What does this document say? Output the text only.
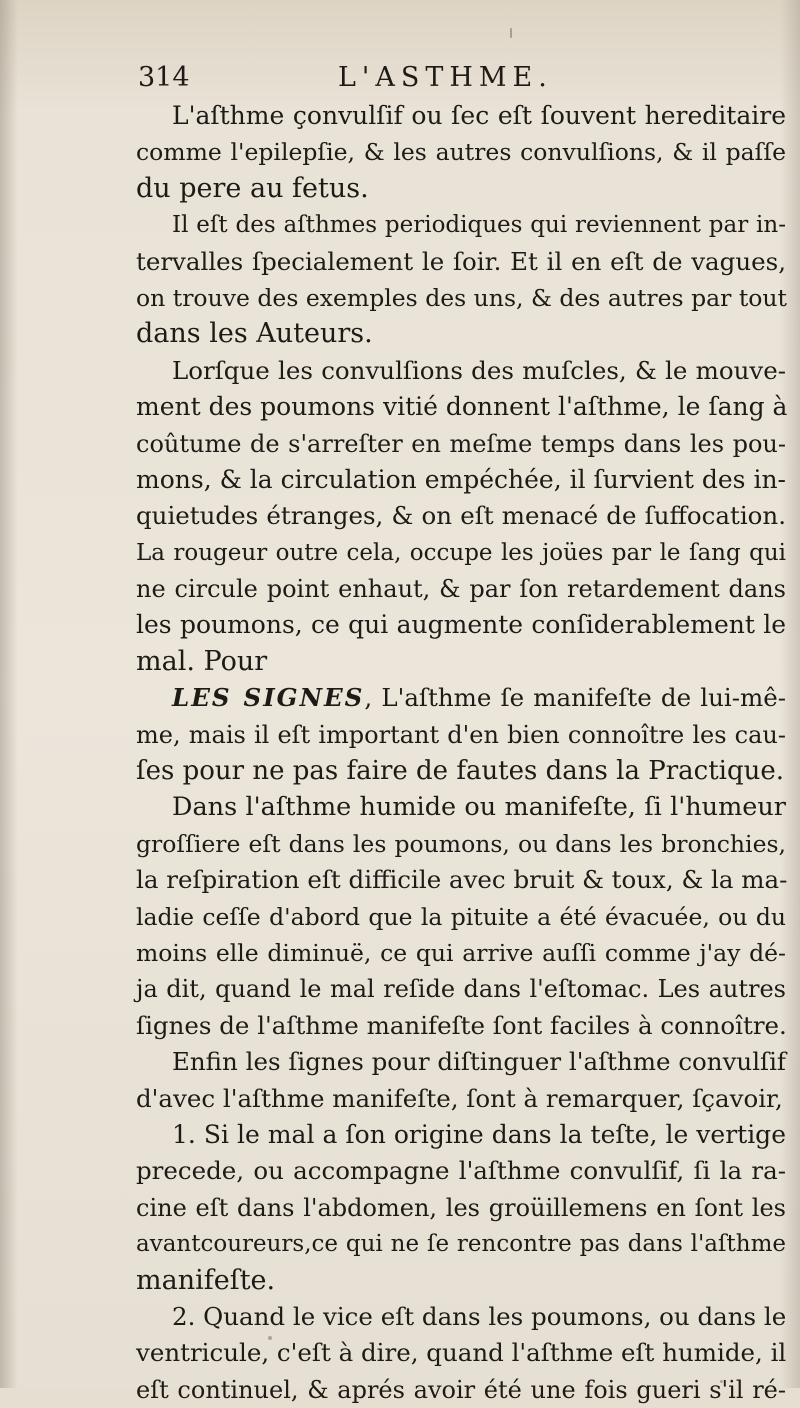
314	L'ASTHME.
L'aſthme çonvulſif ou ſec eſt ſouvent hereditaire
comme l'epilepſie, & les autres convulſions, & il paſſe
du pere au fetus.
Il eſt des aſthmes periodiques qui reviennent par in-
tervalles ſpecialement le ſoir. Et il en eſt de vagues,
on trouve des exemples des uns, & des autres par tout
dans les Auteurs.
Lorſque les convulſions des muſcles, & le mouve-
ment des poumons vitié donnent l'aſthme, le ſang à
coûtume de s'arreſter en meſme temps dans les pou-
mons, & la circulation empéchée, il ſurvient des in-
quietudes étranges, & on eſt menacé de ſuffocation.
La rougeur outre cela, occupe les joües par le ſang qui
ne circule point enhaut, & par ſon retardement dans
les poumons, ce qui augmente conſiderablement le
mal. Pour
LES SIGNES, L'aſthme ſe manifeſte de lui-mê-
me, mais il eſt important d'en bien connoître les cau-
ſes pour ne pas faire de fautes dans la Practique.
Dans l'aſthme humide ou manifeſte, ſi l'humeur
groſſiere eſt dans les poumons, ou dans les bronchies,
la reſpiration eſt difficile avec bruit & toux, & la ma-
ladie ceſſe d'abord que la pituite a été évacuée, ou du
moins elle diminuë, ce qui arrive auſſi comme j'ay dé-
ja dit, quand le mal reſide dans l'eſtomac. Les autres
ſignes de l'aſthme manifeſte ſont faciles à connoître.
Enfin les ſignes pour diſtinguer l'aſthme convulſif
d'avec l'aſthme manifeſte, ſont à remarquer, ſçavoir,
1. Si le mal a ſon origine dans la teſte, le vertige
precede, ou accompagne l'aſthme convulſif, ſi la ra-
cine eſt dans l'abdomen, les groüillemens en ſont les
avantcoureurs,ce qui ne ſe rencontre pas dans l'aſthme
manifeſte.
2. Quand le vice eſt dans les poumons, ou dans le
ventricule, c'eſt à dire, quand l'aſthme eſt humide, il
eſt continuel, & aprés avoir été une fois gueri s'il ré-
